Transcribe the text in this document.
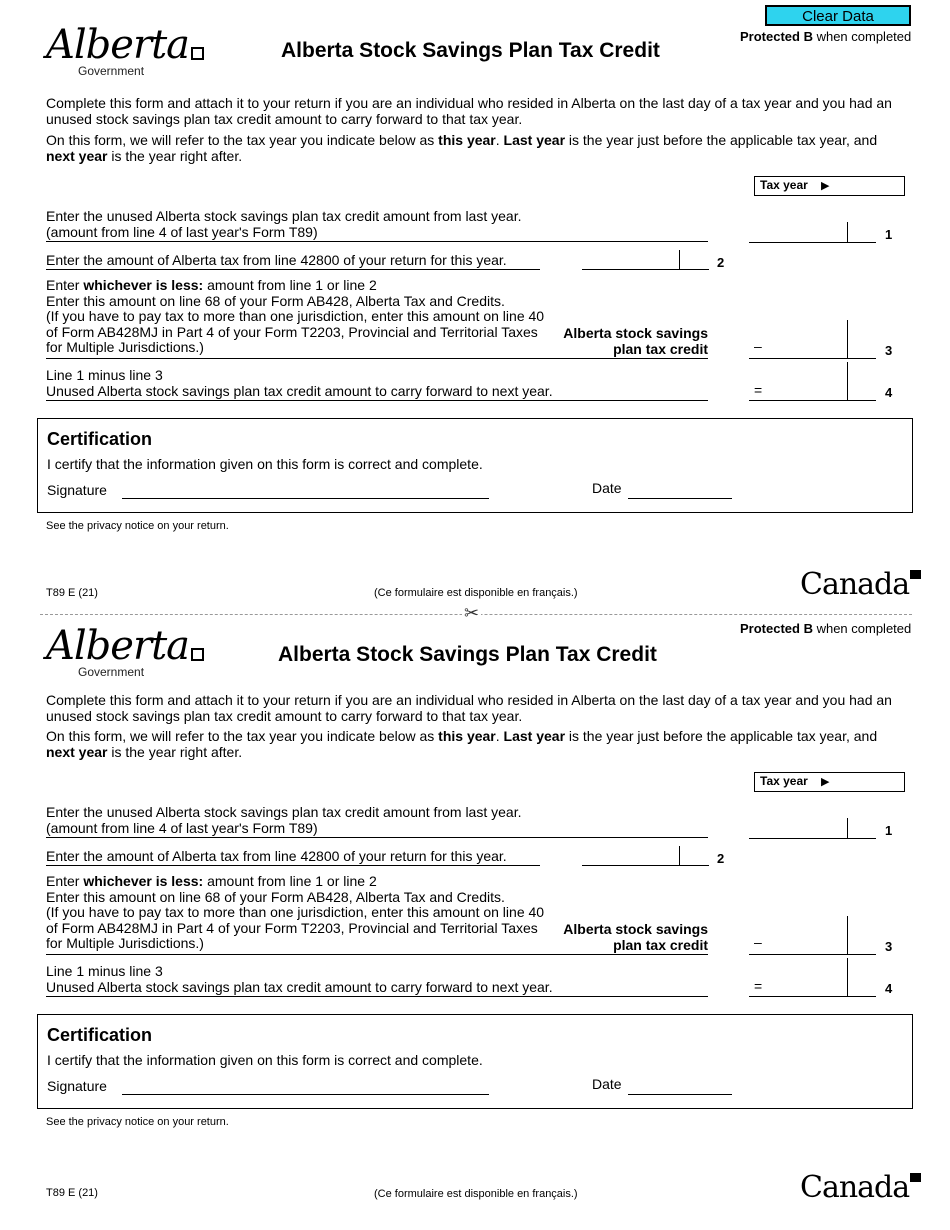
Clear Data
Protected B when completed
Alberta
Government
Alberta Stock Savings Plan Tax Credit
Complete this form and attach it to your return if you are an individual who resided in Alberta on the last day of a tax year and you had an unused stock savings plan tax credit amount to carry forward to that tax year.
On this form, we will refer to the tax year you indicate below as this year. Last year is the year just before the applicable tax year, and next year is the year right after.
Tax year ▶
Enter the unused Alberta stock savings plan tax credit amount from last year.
(amount from line 4 of last year's Form T89)	1
Enter the amount of Alberta tax from line 42800 of your return for this year.	2
Enter whichever is less: amount from line 1 or line 2
Enter this amount on line 68 of your Form AB428, Alberta Tax and Credits.
(If you have to pay tax to more than one jurisdiction, enter this amount on line 40
of Form AB428MJ in Part 4 of your Form T2203, Provincial and Territorial Taxes
for Multiple Jurisdictions.)
Alberta stock savings
plan tax credit	–	3
Line 1 minus line 3
Unused Alberta stock savings plan tax credit amount to carry forward to next year.	=	4
Certification
I certify that the information given on this form is correct and complete.
Signature	Date
See the privacy notice on your return.
T89 E (21)	(Ce formulaire est disponible en français.)	Canada
✂
Protected B when completed
Alberta
Government
Alberta Stock Savings Plan Tax Credit
Complete this form and attach it to your return if you are an individual who resided in Alberta on the last day of a tax year and you had an unused stock savings plan tax credit amount to carry forward to that tax year.
On this form, we will refer to the tax year you indicate below as this year. Last year is the year just before the applicable tax year, and next year is the year right after.
Tax year ▶
Enter the unused Alberta stock savings plan tax credit amount from last year.
(amount from line 4 of last year's Form T89)	1
Enter the amount of Alberta tax from line 42800 of your return for this year.	2
Enter whichever is less: amount from line 1 or line 2
Enter this amount on line 68 of your Form AB428, Alberta Tax and Credits.
(If you have to pay tax to more than one jurisdiction, enter this amount on line 40
of Form AB428MJ in Part 4 of your Form T2203, Provincial and Territorial Taxes
for Multiple Jurisdictions.)
Alberta stock savings
plan tax credit	–	3
Line 1 minus line 3
Unused Alberta stock savings plan tax credit amount to carry forward to next year.	=	4
Certification
I certify that the information given on this form is correct and complete.
Signature	Date
See the privacy notice on your return.
T89 E (21)	(Ce formulaire est disponible en français.)	Canada
